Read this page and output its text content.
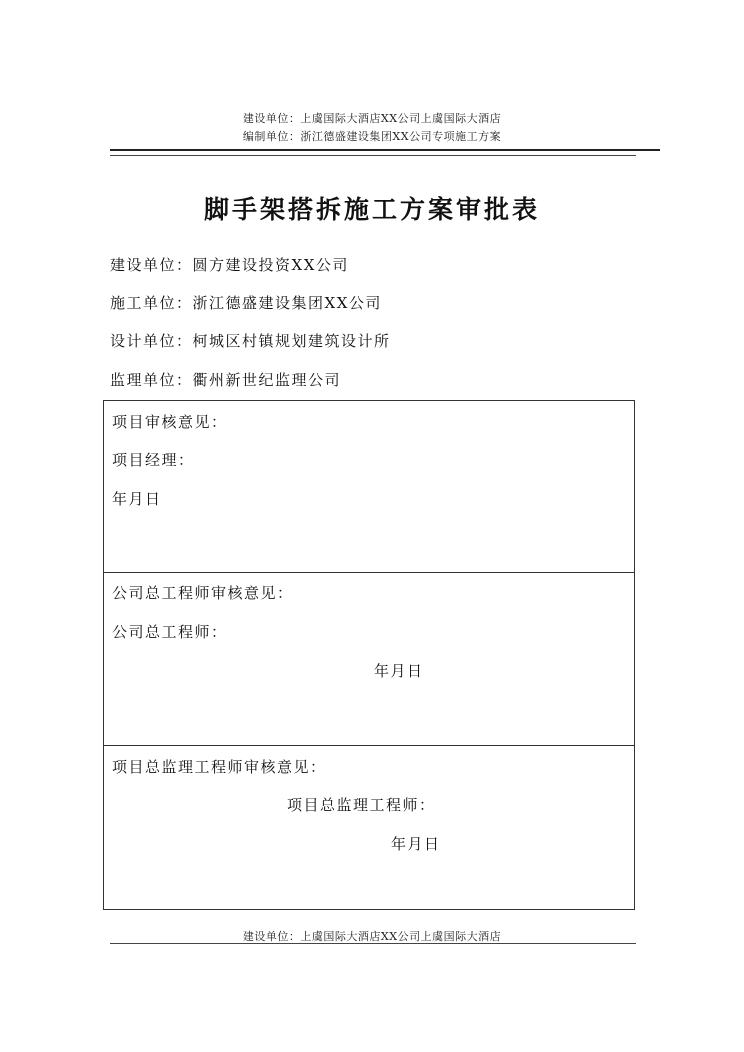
建设单位：上虞国际大酒店XX公司上虞国际大酒店
编制单位：浙江德盛建设集团XX公司专项施工方案
脚手架搭拆施工方案审批表
建设单位：圆方建设投资XX公司
施工单位：浙江德盛建设集团XX公司
设计单位：柯城区村镇规划建筑设计所
监理单位：衢州新世纪监理公司
项目审核意见：
项目经理：
年月日
公司总工程师审核意见：
公司总工程师：
年月日
项目总监理工程师审核意见：
项目总监理工程师：
年月日
建设单位：上虞国际大酒店XX公司上虞国际大酒店
